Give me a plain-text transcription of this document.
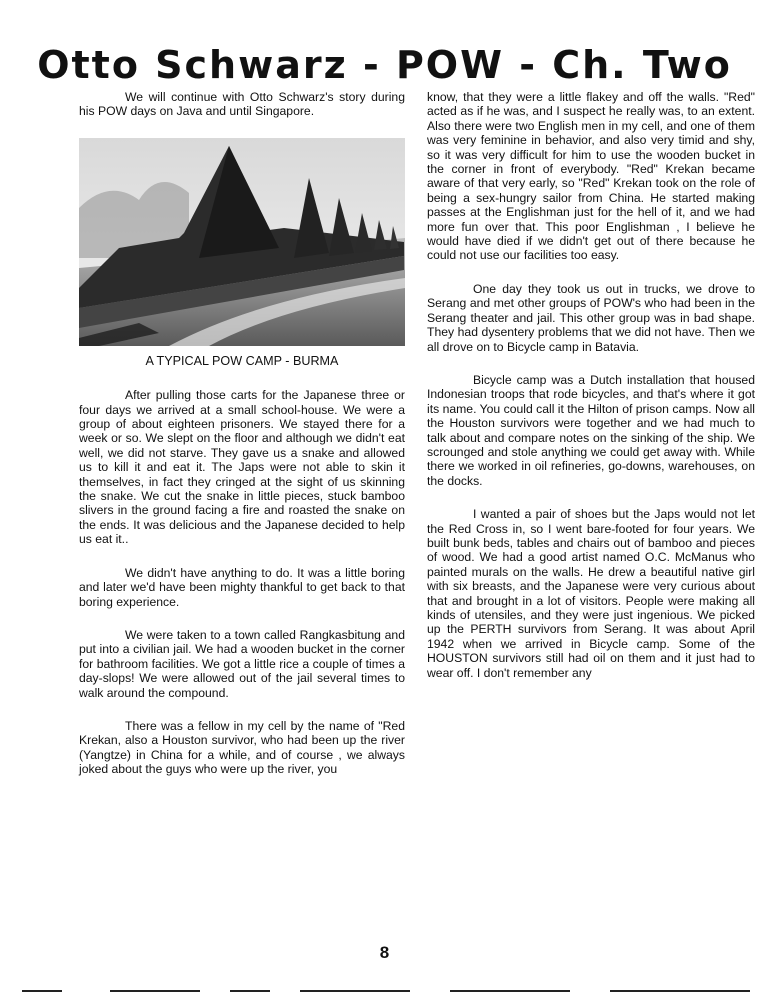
Otto Schwarz - POW - Ch. Two

We will continue with Otto Schwarz's story during his POW days on Java and until Singapore.

A TYPICAL POW CAMP - BURMA

After pulling those carts for the Japanese three or four days we arrived at a small school-house. We were a group of about eighteen prisoners. We stayed there for a week or so. We slept on the floor and although we didn't eat well, we did not starve. They gave us a snake and allowed us to kill it and eat it. The Japs were not able to skin it themselves, in fact they cringed at the sight of us skinning the snake. We cut the snake in little pieces, stuck bamboo slivers in the ground facing a fire and roasted the snake on the ends. It was delicious and the Japanese decided to help us eat it..

We didn't have anything to do. It was a little boring and later we'd have been mighty thankful to get back to that boring experience.

We were taken to a town called Rangkasbitung and put into a civilian jail. We had a wooden bucket in the corner for bathroom facilities. We got a little rice a couple of times a day-slops! We were allowed out of the jail several times to walk around the compound.

There was a fellow in my cell by the name of "Red Krekan, also a Houston survivor, who had been up the river (Yangtze) in China for a while, and of course , we always joked about the guys who were up the river, you

know, that they were a little flakey and off the walls. "Red" acted as if he was, and I suspect he really was, to an extent. Also there were two English men in my cell, and one of them was very feminine in behavior, and also very timid and shy, so it was very difficult for him to use the wooden bucket in the corner in front of everybody. "Red" Krekan became aware of that very early, so "Red" Krekan took on the role of being a sex-hungry sailor from China. He started making passes at the Englishman just for the hell of it, and we had more fun over that. This poor Englishman , I believe he would have died if we didn't get out of there because he could not use our facilities too easy.

One day they took us out in trucks, we drove to Serang and met other groups of POW's who had been in the Serang theater and jail. This other group was in bad shape. They had dysentery problems that we did not have. Then we all drove on to Bicycle camp in Batavia.

Bicycle camp was a Dutch installation that housed Indonesian troops that rode bicycles, and that's where it got its name. You could call it the Hilton of prison camps. Now all the Houston survivors were together and we had much to talk about and compare notes on the sinking of the ship. We scrounged and stole anything we could get away with. While there we worked in oil refineries, go-downs, warehouses, on the docks.

I wanted a pair of shoes but the Japs would not let the Red Cross in, so I went bare-footed for four years. We built bunk beds, tables and chairs out of bamboo and pieces of wood. We had a good artist named O.C. McManus who painted murals on the walls. He drew a beautiful native girl with six breasts, and the Japanese were very curious about that and brought in a lot of visitors. People were making all kinds of utensiles, and they were just ingenious. We picked up the PERTH survivors from Serang. It was about April 1942 when we arrived in Bicycle camp. Some of the HOUSTON survivors still had oil on them and it just had to wear off. I don't remember any

8
